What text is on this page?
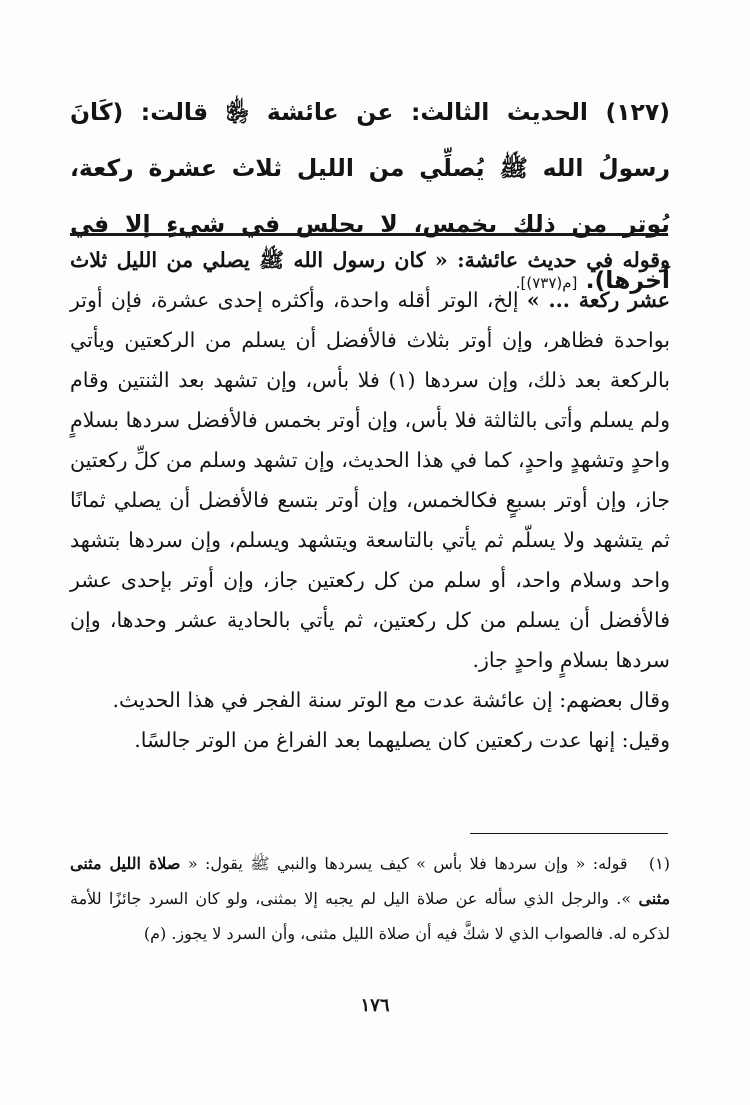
(١٢٧) الحديث الثالث: عن عائشة ﵂ قالت: (كَانَ رسولُ الله ﷺ يُصلِّي من الليل ثلاث عشرة ركعة، يُوتر من ذلك بخمس، لا يجلس في شيءٍ إلا في آخرها). [م(٧٣٧)].

وقوله في حديث عائشة: « كان رسول الله ﷺ يصلي من الليل ثلاث عشر ركعة ... » إلخ، الوتر أقله واحدة، وأكثره إحدى عشرة، فإن أوتر بواحدة فظاهر، وإن أوتر بثلاث فالأفضل أن يسلم من الركعتين ويأتي بالركعة بعد ذلك، وإن سردها (١) فلا بأس، وإن تشهد بعد الثنتين وقام ولم يسلم وأتى بالثالثة فلا بأس، وإن أوتر بخمس فالأفضل سردها بسلامٍ واحدٍ وتشهدٍ واحدٍ، كما في هذا الحديث، وإن تشهد وسلم من كلِّ ركعتين جاز، وإن أوتر بسبعٍ فكالخمس، وإن أوتر بتسع فالأفضل أن يصلي ثمانًا ثم يتشهد ولا يسلّم ثم يأتي بالتاسعة ويتشهد ويسلم، وإن سردها بتشهد واحد وسلام واحد، أو سلم من كل ركعتين جاز، وإن أوتر بإحدى عشر فالأفضل أن يسلم من كل ركعتين، ثم يأتي بالحادية عشر وحدها، وإن سردها بسلامٍ واحدٍ جاز.

وقال بعضهم: إن عائشة عدت مع الوتر سنة الفجر في هذا الحديث.

وقيل: إنها عدت ركعتين كان يصليهما بعد الفراغ من الوتر جالسًا.

(١) قوله: « وإن سردها فلا بأس » كيف يسردها والنبي ﷺ يقول: « صلاة الليل مثنى مثنى ». والرجل الذي سأله عن صلاة اليل لم يجبه إلا بمثنى، ولو كان السرد جائزًا للأمة لذكره له. فالصواب الذي لا شكَّ فيه أن صلاة الليل مثنى، وأن السرد لا يجوز. (م)
١٧٦
